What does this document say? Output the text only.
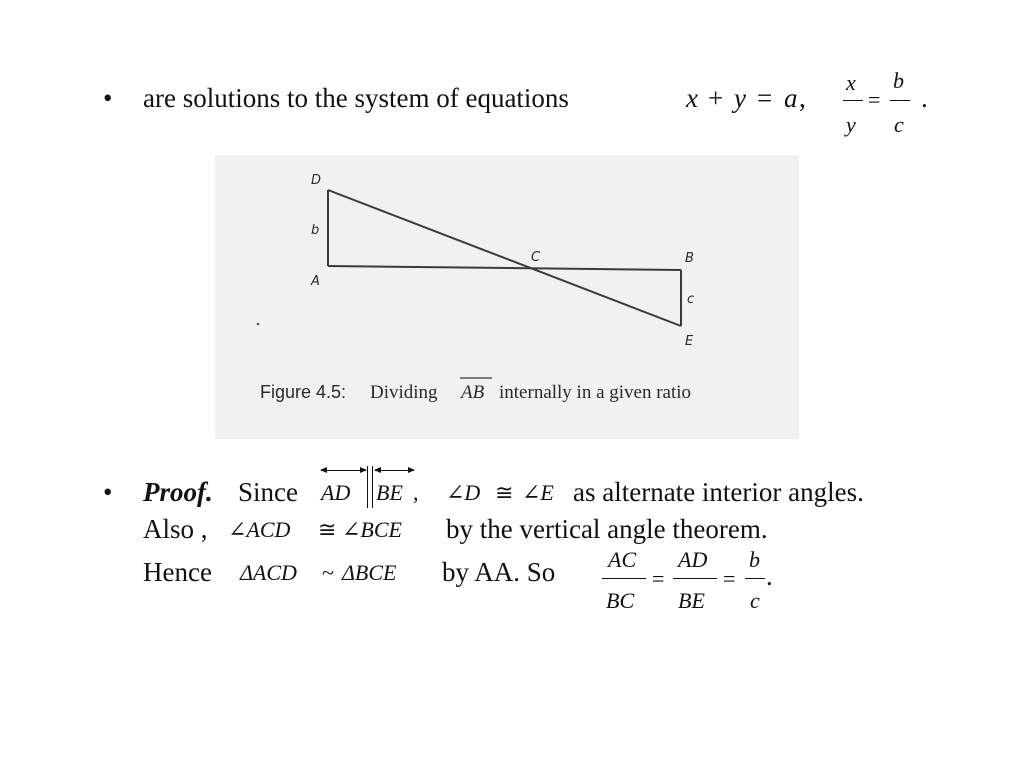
• are solutions to the system of equations	x + y = a ,
x
y
=
b
c
.
D
b
A
C	B
c
E
Figure 4.5: Dividing AB internally in a given ratio
• Proof. Since AD BE , ∠D ≅ ∠E as alternate interior angles.
Also , ∠ACD ≅ ∠BCE by the vertical angle theorem.
Hence ΔACD ~ ΔBCE by AA. So AC
BC
=
AD
BE
=
b
c
.
